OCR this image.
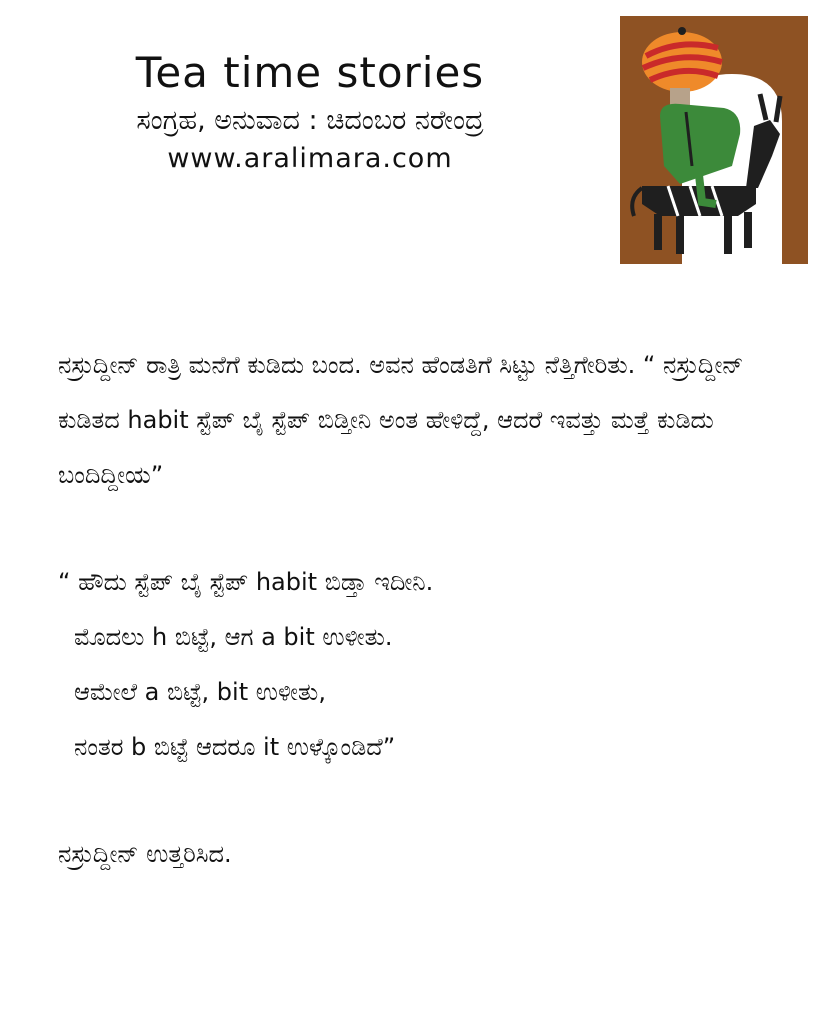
Tea time stories
ಸಂಗ್ರಹ, ಅನುವಾದ : ಚಿದಂಬರ ನರೇಂದ್ರ
www.aralimara.com

ನಸ್ರುದ್ದೀನ್ ರಾತ್ರಿ ಮನೆಗೆ ಕುಡಿದು ಬಂದ. ಅವನ ಹೆಂಡತಿಗೆ ಸಿಟ್ಟು ನೆತ್ತಿಗೇರಿತು. “ ನಸ್ರುದ್ದೀನ್ ಕುಡಿತದ habit ಸ್ಟೆಪ್ ಬೈ ಸ್ಟೆಪ್ ಬಿಡ್ತೀನಿ ಅಂತ ಹೇಳಿದ್ದೆ, ಆದರೆ ಇವತ್ತು ಮತ್ತೆ ಕುಡಿದು ಬಂದಿದ್ದೀಯ”

“ ಹೌದು ಸ್ಟೆಪ್ ಬೈ ಸ್ಟೆಪ್ habit ಬಿಡ್ತಾ ಇದೀನಿ.
ಮೊದಲು h ಬಿಟ್ಟೆ, ಆಗ a bit ಉಳೀತು.
ಆಮೇಲೆ a ಬಿಟ್ಟೆ, bit ಉಳೀತು,
ನಂತರ b ಬಿಟ್ಟೆ ಆದರೂ it ಉಳ್ಕೊಂಡಿದೆ”

ನಸ್ರುದ್ದೀನ್ ಉತ್ತರಿಸಿದ.
